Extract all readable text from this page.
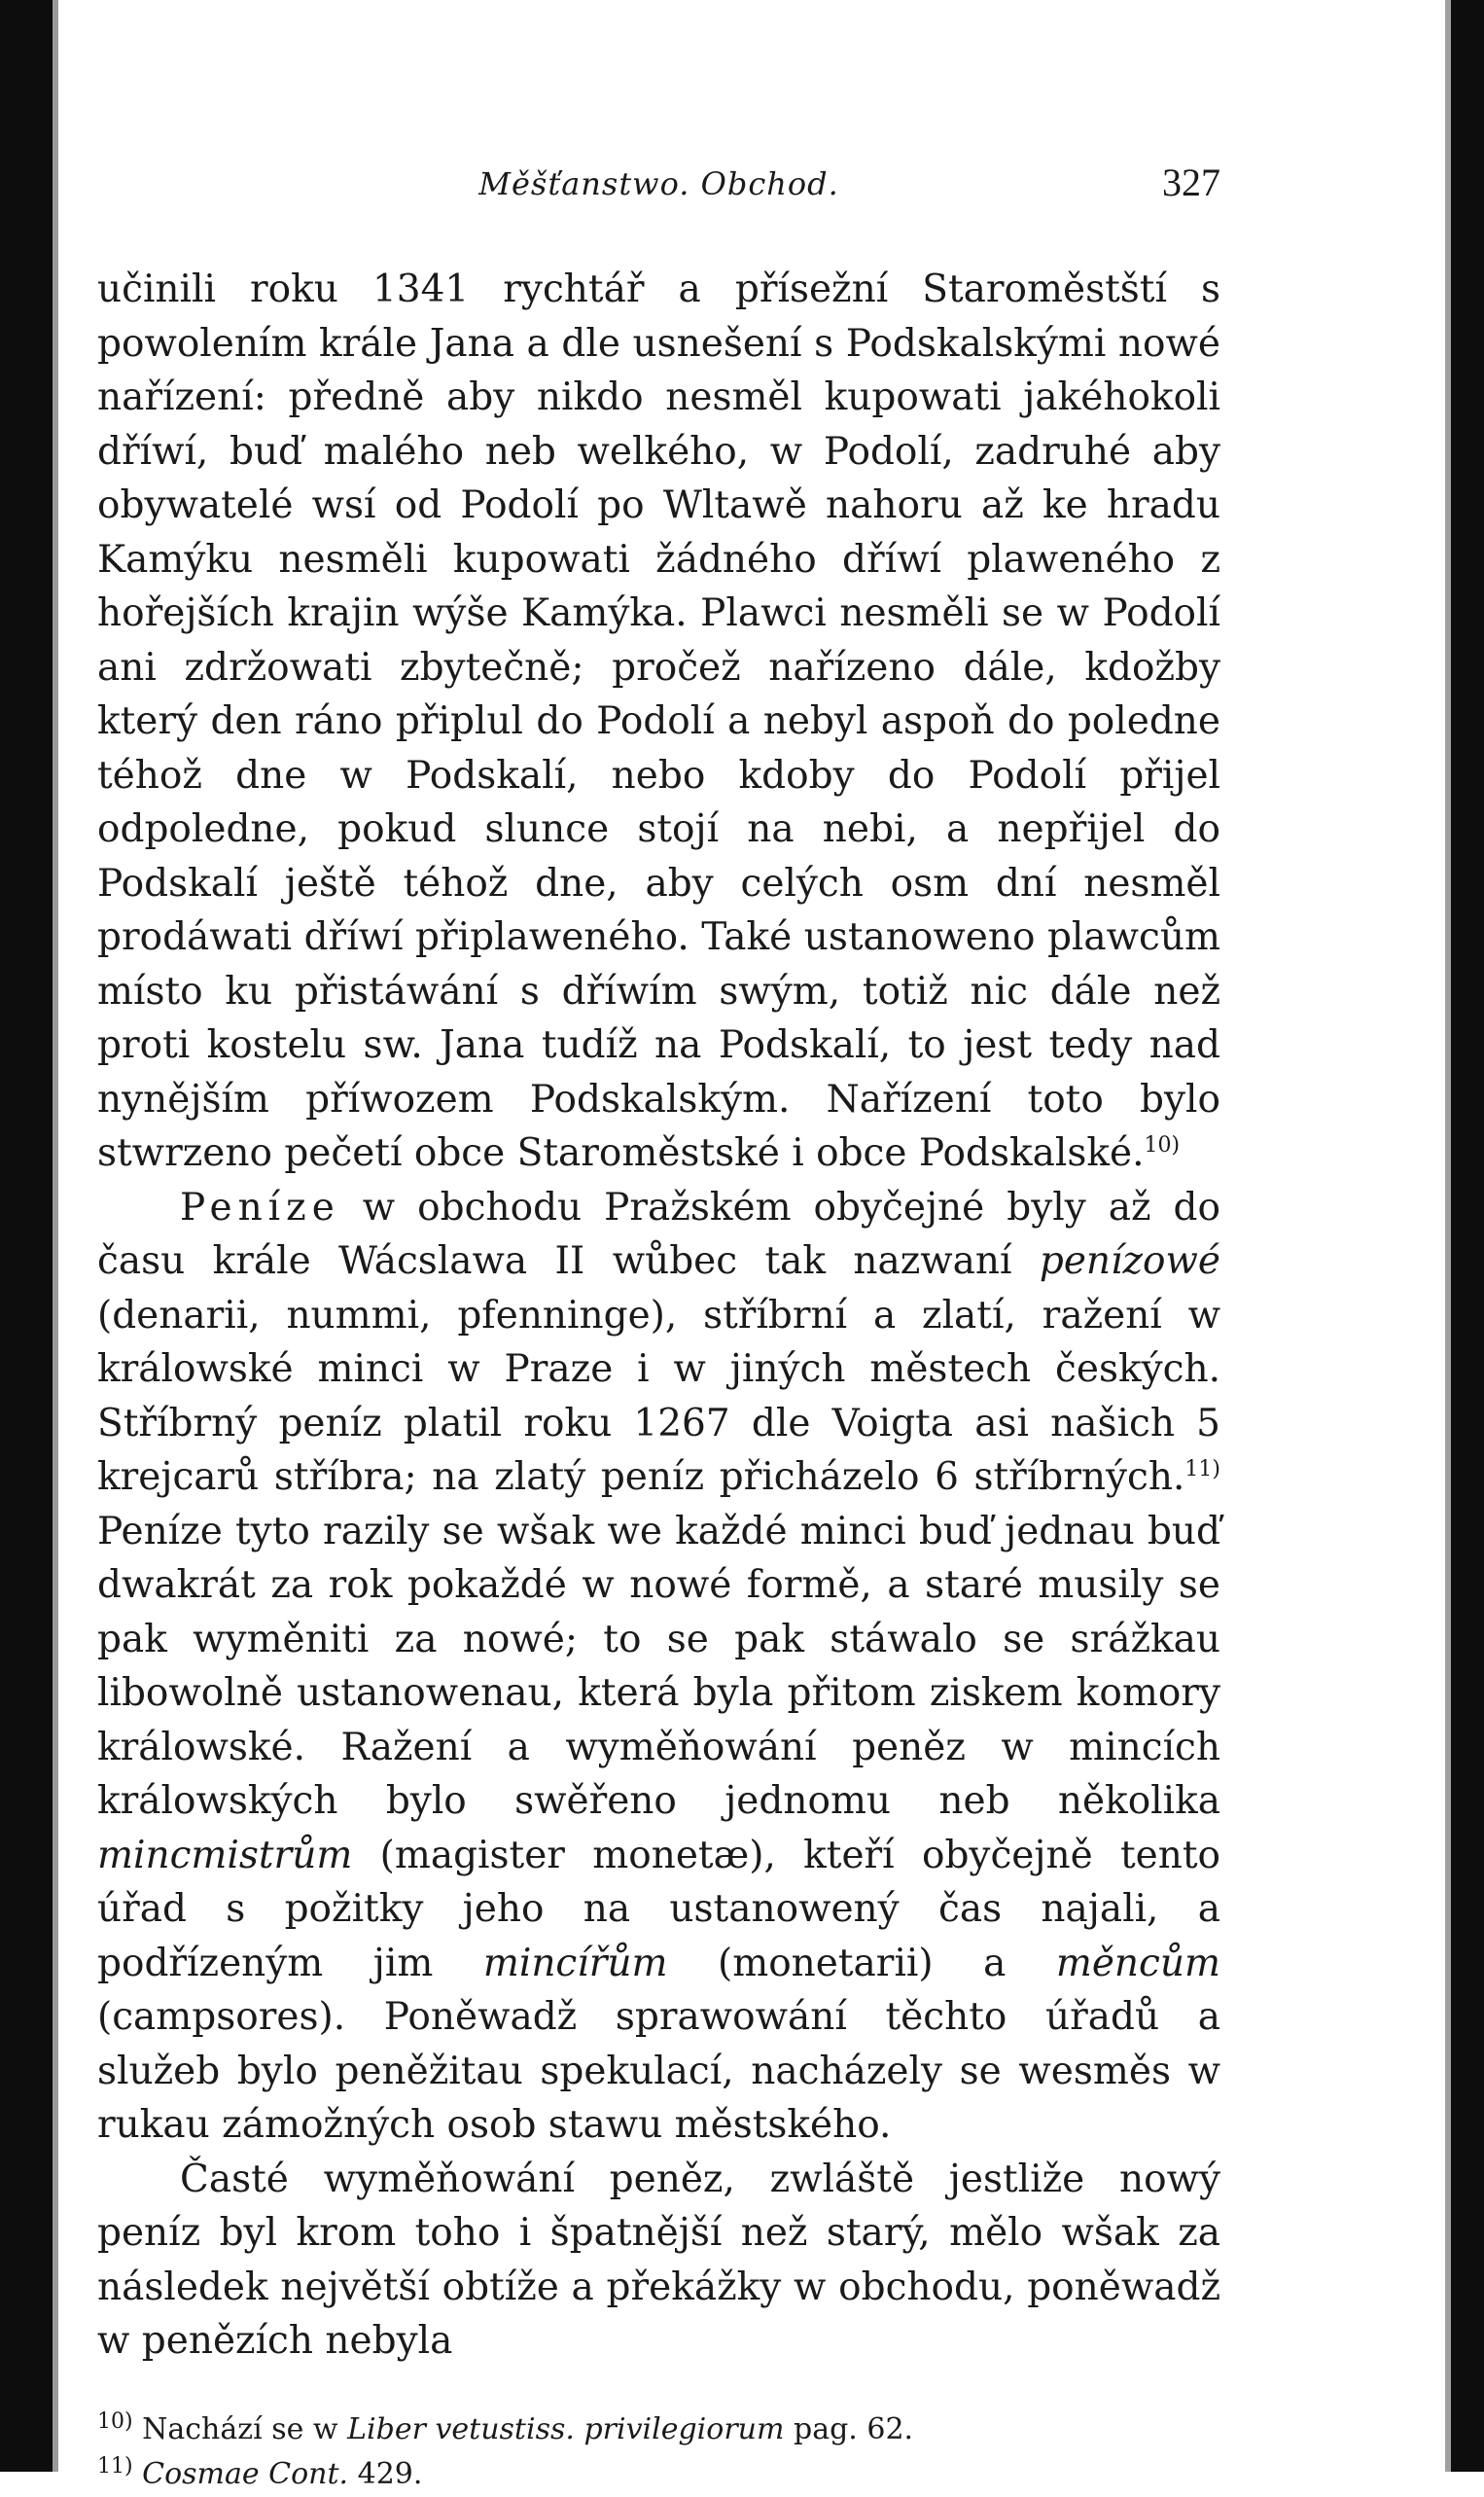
Měšťanstwo. Obchod.	327

učinili roku 1341 rychtář a přísežní Staroměstští s powolením krále Jana a dle usnešení s Podskalskými nowé nařízení: předně aby nikdo nesměl kupowati jakéhokoli dříwí, buď malého neb welkého, w Podolí, zadruhé aby obywatelé wsí od Podolí po Wltawě nahoru až ke hradu Kamýku nesměli kupowati žádného dříwí plaweného z hořejších krajin wýše Kamýka. Plawci nesměli se w Podolí ani zdržowati zbytečně; pročež nařízeno dále, kdožby který den ráno připlul do Podolí a nebyl aspoň do poledne téhož dne w Podskalí, nebo kdoby do Podolí přijel odpoledne, pokud slunce stojí na nebi, a nepřijel do Podskalí ještě téhož dne, aby celých osm dní nesměl prodáwati dříwí připlaweného. Také ustanoweno plawcům místo ku přistáwání s dříwím swým, totiž nic dále než proti kostelu sw. Jana tudíž na Podskalí, to jest tedy nad nynějším příwozem Podskalským. Nařízení toto bylo stwrzeno pečetí obce Staroměstské i obce Podskalské.$^{10)}$

Peníze w obchodu Pražském obyčejné byly až do času krále Wácslawa II wůbec tak nazwaní penízowé (denarii, nummi, pfenninge), stříbrní a zlatí, ražení w králowské minci w Praze i w jiných městech českých. Stříbrný peníz platil roku 1267 dle Voigta asi našich 5 krejcarů stříbra; na zlatý peníz přicházelo 6 stříbrných.$^{11)}$ Peníze tyto razily se wšak we každé minci buď jednau buď dwakrát za rok pokaždé w nowé formě, a staré musily se pak wyměniti za nowé; to se pak stáwalo se srážkau libowolně ustanowenau, která byla přitom ziskem komory králowské. Ražení a wyměňowání peněz w mincích králowských bylo swěřeno jednomu neb několika mincmistrům (magister monetæ), kteří obyčejně tento úřad s požitky jeho na ustanowený čas najali, a podřízeným jim mincířům (monetarii) a měncům (campsores). Poněwadž sprawowání těchto úřadů a služeb bylo peněžitau spekulací, nacházely se wesměs w rukau zámožných osob stawu městského.

Časté wyměňowání peněz, zwláště jestliže nowý peníz byl krom toho i špatnější než starý, mělo wšak za následek největší obtíže a překážky w obchodu, poněwadž w penězích nebyla

$^{10)}$ Nachází se w Liber vetustiss. privilegiorum pag. 62.
$^{11)}$ Cosmae Cont. 429.
